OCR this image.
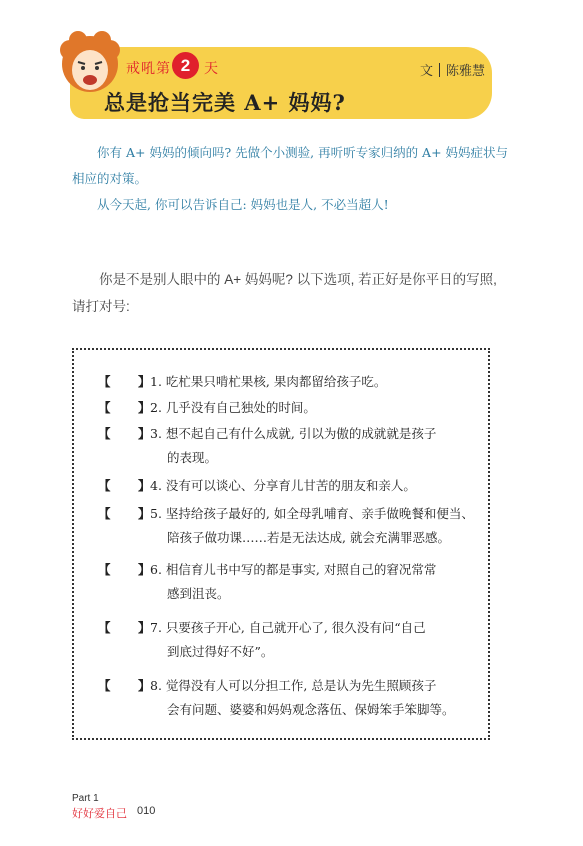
戒吼第 2 天	文 陈雅慧
总是抢当完美 A+ 妈妈?

你有 A+ 妈妈的倾向吗? 先做个小测验, 再听听专家归纳的 A+ 妈妈症状与相应的对策。

从今天起, 你可以告诉自己: 妈妈也是人, 不必当超人!

你是不是别人眼中的 A+ 妈妈呢? 以下选项, 若正好是你平日的写照, 请打对号:

【 】 1. 吃杧果只啃杧果核, 果肉都留给孩子吃。
【 】 2. 几乎没有自己独处的时间。
【 】 3. 想不起自己有什么成就, 引以为傲的成就就是孩子
的表现。
【 】 4. 没有可以谈心、分享育儿甘苦的朋友和亲人。
【 】 5. 坚持给孩子最好的, 如全母乳哺育、亲手做晚餐和便当、
陪孩子做功课……若是无法达成, 就会充满罪恶感。
【 】 6. 相信育儿书中写的都是事实, 对照自己的窘况常常
感到沮丧。
【 】 7. 只要孩子开心, 自己就开心了, 很久没有问“自己
到底过得好不好”。
【 】 8. 觉得没有人可以分担工作, 总是认为先生照顾孩子
会有问题、婆婆和妈妈观念落伍、保姆笨手笨脚等。
Part 1
好好爱自己 010
